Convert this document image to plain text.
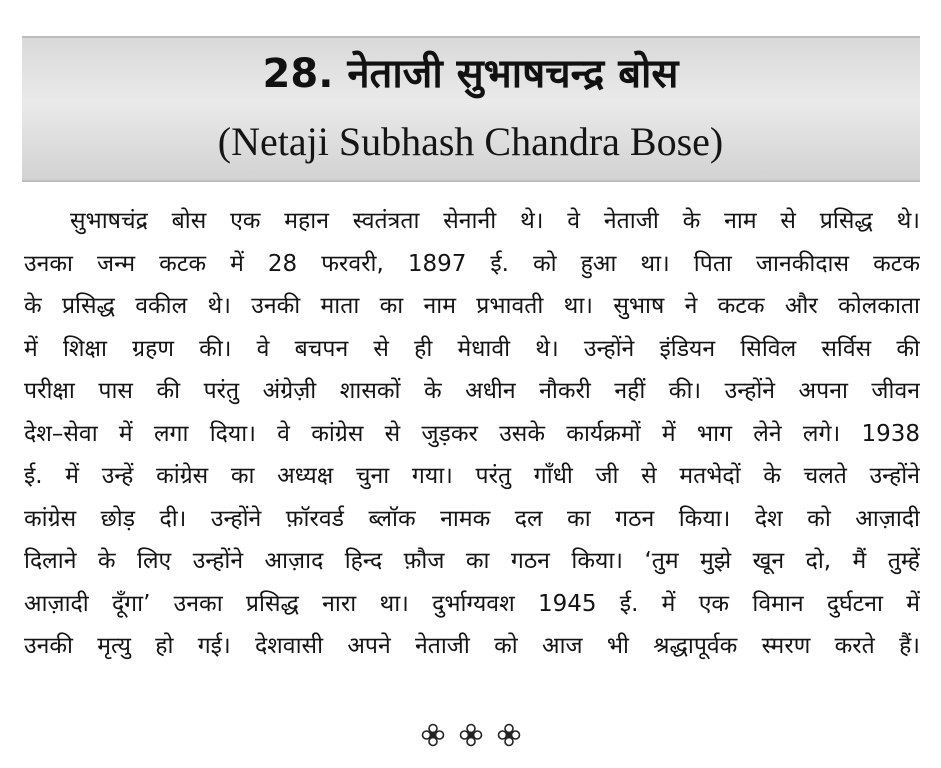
28. नेताजी सुभाषचन्द्र बोस
(Netaji Subhash Chandra Bose)
सुभाषचंद्र बोस एक महान स्वतंत्रता सेनानी थे। वे नेताजी के नाम से प्रसिद्ध थे।
उनका जन्म कटक में 28 फरवरी, 1897 ई. को हुआ था। पिता जानकीदास कटक
के प्रसिद्ध वकील थे। उनकी माता का नाम प्रभावती था। सुभाष ने कटक और कोलकाता
में शिक्षा ग्रहण की। वे बचपन से ही मेधावी थे। उन्होंने इंडियन सिविल सर्विस की
परीक्षा पास की परंतु अंग्रेज़ी शासकों के अधीन नौकरी नहीं की। उन्होंने अपना जीवन
देश–सेवा में लगा दिया। वे कांग्रेस से जुड़कर उसके कार्यक्रमों में भाग लेने लगे। 1938
ई. में उन्हें कांग्रेस का अध्यक्ष चुना गया। परंतु गाँधी जी से मतभेदों के चलते उन्होंने
कांग्रेस छोड़ दी। उन्होंने फ़ॉरवर्ड ब्लॉक नामक दल का गठन किया। देश को आज़ादी
दिलाने के लिए उन्होंने आज़ाद हिन्द फ़ौज का गठन किया। ‘तुम मुझे खून दो, मैं तुम्हें
आज़ादी दूँगा’ उनका प्रसिद्ध नारा था। दुर्भाग्यवश 1945 ई. में एक विमान दुर्घटना में
उनकी मृत्यु हो गई। देशवासी अपने नेताजी को आज भी श्रद्धापूर्वक स्मरण करते हैं।
